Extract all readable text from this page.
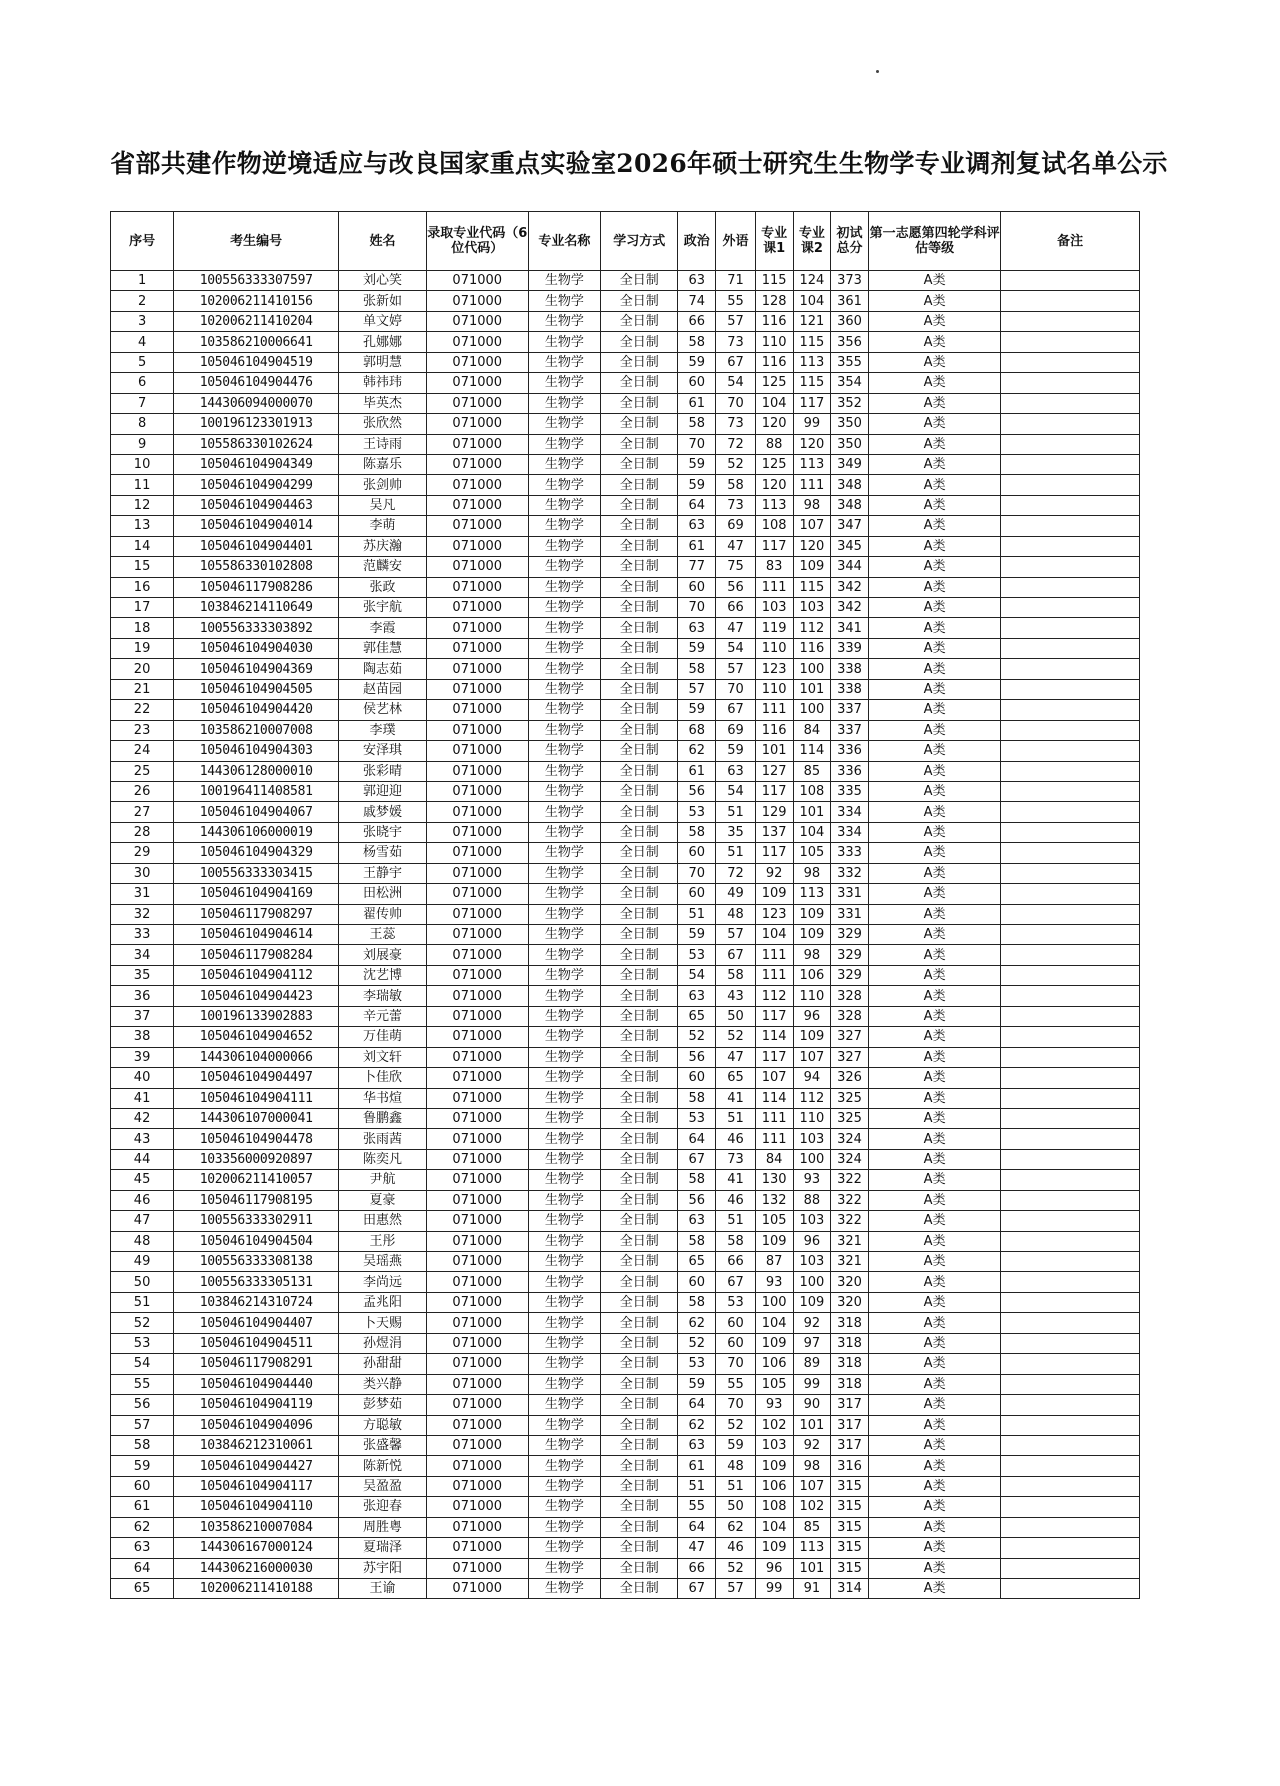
省部共建作物逆境适应与改良国家重点实验室2026年硕士研究生生物学专业调剂复试名单公示
序号	考生编号	姓名	录取专业代码（6位代码）	专业名称	学习方式	政治	外语	专业课1	专业课2	初试总分	第一志愿第四轮学科评估等级	备注
1	100556333307597	刘心笑	071000	生物学	全日制	63	71	115	124	373	A类	
2	102006211410156	张新如	071000	生物学	全日制	74	55	128	104	361	A类	
3	102006211410204	单文婷	071000	生物学	全日制	66	57	116	121	360	A类	
4	103586210006641	孔娜娜	071000	生物学	全日制	58	73	110	115	356	A类	
5	105046104904519	郭明慧	071000	生物学	全日制	59	67	116	113	355	A类	
6	105046104904476	韩祎玮	071000	生物学	全日制	60	54	125	115	354	A类	
7	144306094000070	毕英杰	071000	生物学	全日制	61	70	104	117	352	A类	
8	100196123301913	张欣然	071000	生物学	全日制	58	73	120	99	350	A类	
9	105586330102624	王诗雨	071000	生物学	全日制	70	72	88	120	350	A类	
10	105046104904349	陈嘉乐	071000	生物学	全日制	59	52	125	113	349	A类	
11	105046104904299	张剑帅	071000	生物学	全日制	59	58	120	111	348	A类	
12	105046104904463	吴凡	071000	生物学	全日制	64	73	113	98	348	A类	
13	105046104904014	李萌	071000	生物学	全日制	63	69	108	107	347	A类	
14	105046104904401	苏庆瀚	071000	生物学	全日制	61	47	117	120	345	A类	
15	105586330102808	范麟安	071000	生物学	全日制	77	75	83	109	344	A类	
16	105046117908286	张政	071000	生物学	全日制	60	56	111	115	342	A类	
17	103846214110649	张宇航	071000	生物学	全日制	70	66	103	103	342	A类	
18	100556333303892	李霞	071000	生物学	全日制	63	47	119	112	341	A类	
19	105046104904030	郭佳慧	071000	生物学	全日制	59	54	110	116	339	A类	
20	105046104904369	陶志茹	071000	生物学	全日制	58	57	123	100	338	A类	
21	105046104904505	赵苗园	071000	生物学	全日制	57	70	110	101	338	A类	
22	105046104904420	侯艺林	071000	生物学	全日制	59	67	111	100	337	A类	
23	103586210007008	李璞	071000	生物学	全日制	68	69	116	84	337	A类	
24	105046104904303	安泽琪	071000	生物学	全日制	62	59	101	114	336	A类	
25	144306128000010	张彩晴	071000	生物学	全日制	61	63	127	85	336	A类	
26	100196411408581	郭迎迎	071000	生物学	全日制	56	54	117	108	335	A类	
27	105046104904067	戚梦媛	071000	生物学	全日制	53	51	129	101	334	A类	
28	144306106000019	张晓宇	071000	生物学	全日制	58	35	137	104	334	A类	
29	105046104904329	杨雪茹	071000	生物学	全日制	60	51	117	105	333	A类	
30	100556333303415	王静宇	071000	生物学	全日制	70	72	92	98	332	A类	
31	105046104904169	田松洲	071000	生物学	全日制	60	49	109	113	331	A类	
32	105046117908297	翟传帅	071000	生物学	全日制	51	48	123	109	331	A类	
33	105046104904614	王蕊	071000	生物学	全日制	59	57	104	109	329	A类	
34	105046117908284	刘展豪	071000	生物学	全日制	53	67	111	98	329	A类	
35	105046104904112	沈艺博	071000	生物学	全日制	54	58	111	106	329	A类	
36	105046104904423	李瑞敏	071000	生物学	全日制	63	43	112	110	328	A类	
37	100196133902883	辛元蕾	071000	生物学	全日制	65	50	117	96	328	A类	
38	105046104904652	万佳萌	071000	生物学	全日制	52	52	114	109	327	A类	
39	144306104000066	刘文轩	071000	生物学	全日制	56	47	117	107	327	A类	
40	105046104904497	卜佳欣	071000	生物学	全日制	60	65	107	94	326	A类	
41	105046104904111	华书煊	071000	生物学	全日制	58	41	114	112	325	A类	
42	144306107000041	鲁鹏鑫	071000	生物学	全日制	53	51	111	110	325	A类	
43	105046104904478	张雨茜	071000	生物学	全日制	64	46	111	103	324	A类	
44	103356000920897	陈奕凡	071000	生物学	全日制	67	73	84	100	324	A类	
45	102006211410057	尹航	071000	生物学	全日制	58	41	130	93	322	A类	
46	105046117908195	夏豪	071000	生物学	全日制	56	46	132	88	322	A类	
47	100556333302911	田惠然	071000	生物学	全日制	63	51	105	103	322	A类	
48	105046104904504	王彤	071000	生物学	全日制	58	58	109	96	321	A类	
49	100556333308138	吴瑶燕	071000	生物学	全日制	65	66	87	103	321	A类	
50	100556333305131	李尚远	071000	生物学	全日制	60	67	93	100	320	A类	
51	103846214310724	孟兆阳	071000	生物学	全日制	58	53	100	109	320	A类	
52	105046104904407	卜天赐	071000	生物学	全日制	62	60	104	92	318	A类	
53	105046104904511	孙煜涓	071000	生物学	全日制	52	60	109	97	318	A类	
54	105046117908291	孙甜甜	071000	生物学	全日制	53	70	106	89	318	A类	
55	105046104904440	类兴静	071000	生物学	全日制	59	55	105	99	318	A类	
56	105046104904119	彭梦茹	071000	生物学	全日制	64	70	93	90	317	A类	
57	105046104904096	方聪敏	071000	生物学	全日制	62	52	102	101	317	A类	
58	103846212310061	张盛馨	071000	生物学	全日制	63	59	103	92	317	A类	
59	105046104904427	陈新悦	071000	生物学	全日制	61	48	109	98	316	A类	
60	105046104904117	吴盈盈	071000	生物学	全日制	51	51	106	107	315	A类	
61	105046104904110	张迎春	071000	生物学	全日制	55	50	108	102	315	A类	
62	103586210007084	周胜粤	071000	生物学	全日制	64	62	104	85	315	A类	
63	144306167000124	夏瑞泽	071000	生物学	全日制	47	46	109	113	315	A类	
64	144306216000030	苏宇阳	071000	生物学	全日制	66	52	96	101	315	A类	
65	102006211410188	王谕	071000	生物学	全日制	67	57	99	91	314	A类	
